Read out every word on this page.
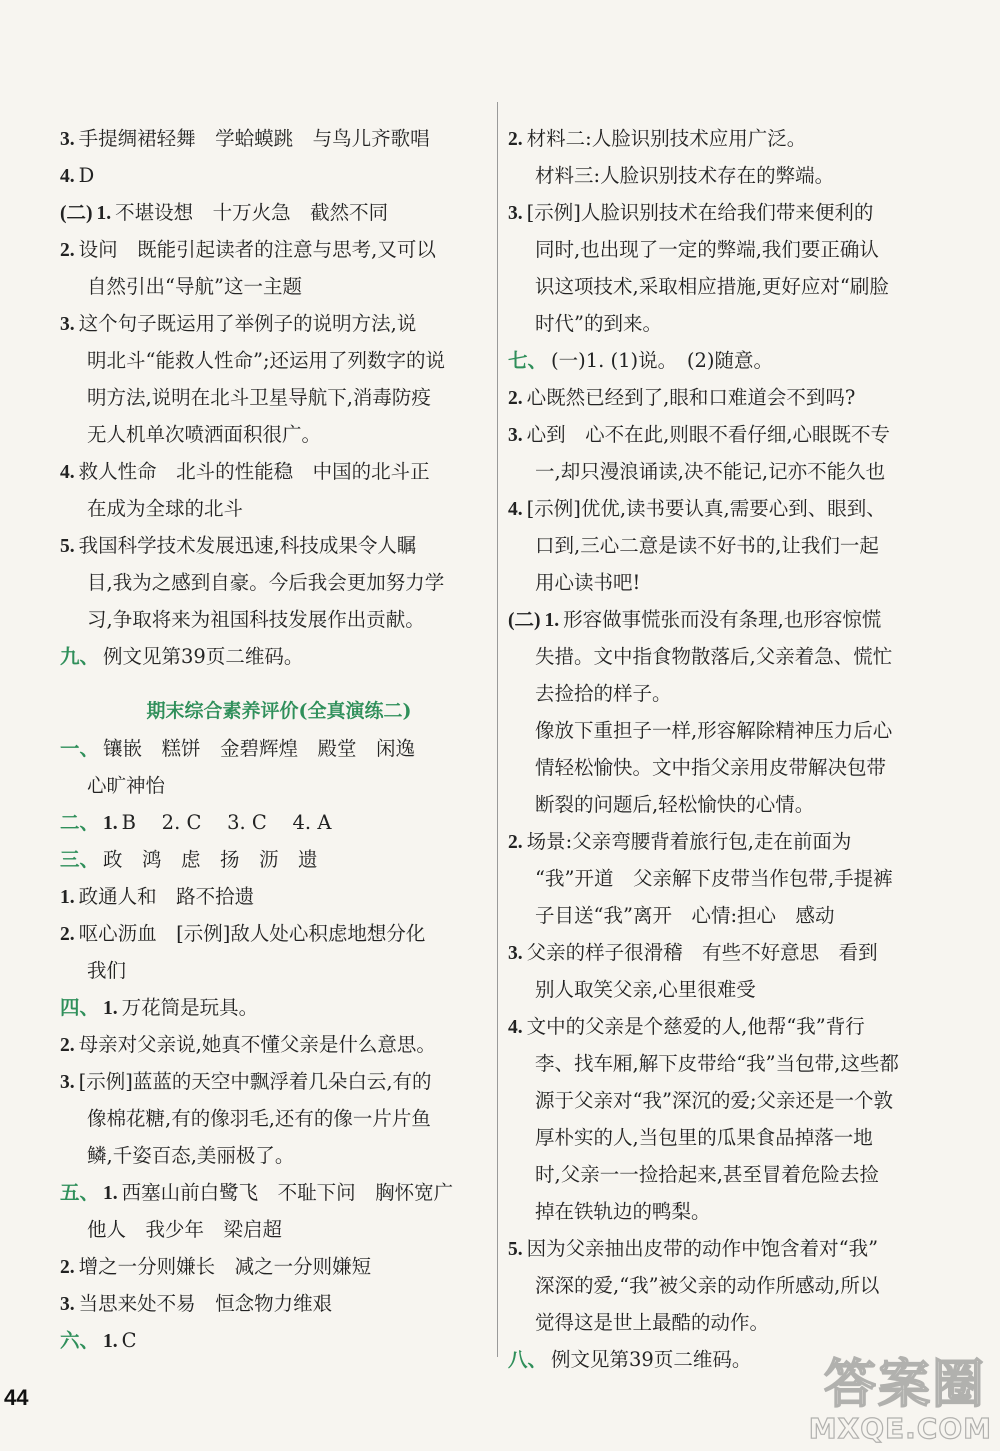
3. 手提绸裙轻舞　学蛤蟆跳　与鸟儿齐歌唱
4. D
(二) 1. 不堪设想　十万火急　截然不同
2. 设问　既能引起读者的注意与思考,又可以
自然引出“导航”这一主题
3. 这个句子既运用了举例子的说明方法,说
明北斗“能救人性命”;还运用了列数字的说
明方法,说明在北斗卫星导航下,消毒防疫
无人机单次喷洒面积很广。
4. 救人性命　北斗的性能稳　中国的北斗正
在成为全球的北斗
5. 我国科学技术发展迅速,科技成果令人瞩
目,我为之感到自豪。今后我会更加努力学
习,争取将来为祖国科技发展作出贡献。
九、 例文见第39页二维码。
期末综合素养评价(全真演练二)
一、 镶嵌　糕饼　金碧辉煌　殿堂　闲逸
心旷神怡
二、 1. B　 2. C　 3. C　 4. A
三、 政　鸿　虑　扬　沥　遗
1. 政通人和　路不拾遗
2. 呕心沥血　[示例]敌人处心积虑地想分化
我们
四、 1. 万花筒是玩具。
2. 母亲对父亲说,她真不懂父亲是什么意思。
3. [示例]蓝蓝的天空中飘浮着几朵白云,有的
像棉花糖,有的像羽毛,还有的像一片片鱼
鳞,千姿百态,美丽极了。
五、 1. 西塞山前白鹭飞　不耻下问　胸怀宽广
他人　我少年　梁启超
2. 增之一分则嫌长　减之一分则嫌短
3. 当思来处不易　恒念物力维艰
六、 1. C
2. 材料二:人脸识别技术应用广泛。
材料三:人脸识别技术存在的弊端。
3. [示例]人脸识别技术在给我们带来便利的
同时,也出现了一定的弊端,我们要正确认
识这项技术,采取相应措施,更好应对“刷脸
时代”的到来。
七、 (一)1. (1)说。　(2)随意。
2. 心既然已经到了,眼和口难道会不到吗?
3. 心到　心不在此,则眼不看仔细,心眼既不专
一,却只漫浪诵读,决不能记,记亦不能久也
4. [示例]优优,读书要认真,需要心到、眼到、
口到,三心二意是读不好书的,让我们一起
用心读书吧!
(二) 1. 形容做事慌张而没有条理,也形容惊慌
失措。文中指食物散落后,父亲着急、慌忙
去捡拾的样子。
像放下重担子一样,形容解除精神压力后心
情轻松愉快。文中指父亲用皮带解决包带
断裂的问题后,轻松愉快的心情。
2. 场景:父亲弯腰背着旅行包,走在前面为
“我”开道　父亲解下皮带当作包带,手提裤
子目送“我”离开　心情:担心　感动
3. 父亲的样子很滑稽　有些不好意思　看到
别人取笑父亲,心里很难受
4. 文中的父亲是个慈爱的人,他帮“我”背行
李、找车厢,解下皮带给“我”当包带,这些都
源于父亲对“我”深沉的爱;父亲还是一个敦
厚朴实的人,当包里的瓜果食品掉落一地
时,父亲一一捡拾起来,甚至冒着危险去捡
掉在铁轨边的鸭梨。
5. 因为父亲抽出皮带的动作中饱含着对“我”
深深的爱,“我”被父亲的动作所感动,所以
觉得这是世上最酷的动作。
八、 例文见第39页二维码。
44	答案圈
MXQE.COM
